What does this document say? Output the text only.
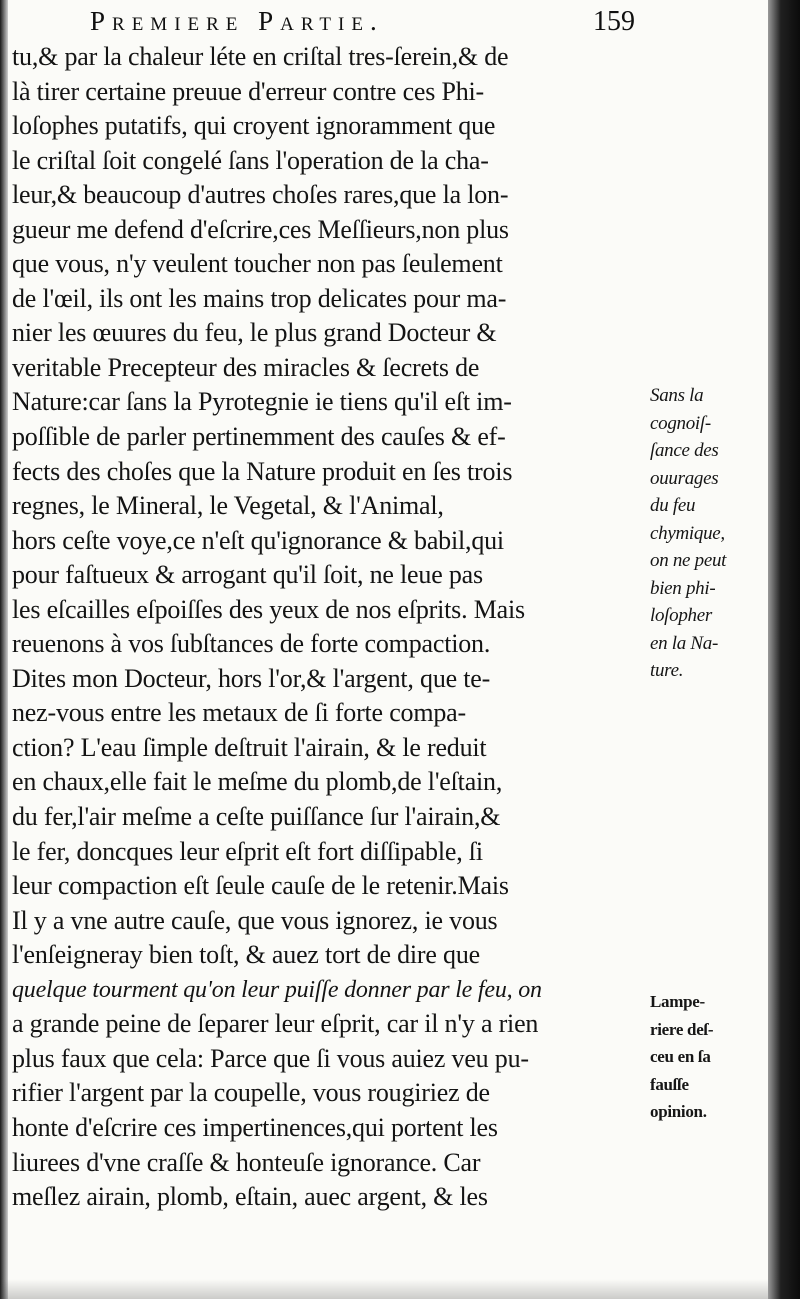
Premiere Partie.	159
tu,& par la chaleur léte en criſtal tres-ſerein,& de
là tirer certaine preuue d'erreur contre ces Phi-
loſophes putatifs, qui croyent ignoramment que
le criſtal ſoit congelé ſans l'operation de la cha-
leur,& beaucoup d'autres choſes rares,que la lon-
gueur me defend d'eſcrire,ces Meſſieurs,non plus
que vous, n'y veulent toucher non pas ſeulement
de l'œil, ils ont les mains trop delicates pour ma-
nier les œuures du feu, le plus grand Docteur &
veritable Precepteur des miracles & ſecrets de
Nature:car ſans la Pyrotegnie ie tiens qu'il eſt im-
poſſible de parler pertinemment des cauſes & ef-
fects des choſes que la Nature produit en ſes trois
regnes, le Mineral, le Vegetal, & l'Animal,
hors ceſte voye,ce n'eſt qu'ignorance & babil,qui
pour faſtueux & arrogant qu'il ſoit, ne leue pas
les eſcailles eſpoiſſes des yeux de nos eſprits. Mais
reuenons à vos ſubſtances de forte compaction.
Dites mon Docteur, hors l'or,& l'argent, que te-
nez-vous entre les metaux de ſi forte compa-
ction? L'eau ſimple deſtruit l'airain, & le reduit
en chaux,elle fait le meſme du plomb,de l'eſtain,
du fer,l'air meſme a ceſte puiſſance ſur l'airain,&
le fer, doncques leur eſprit eſt fort diſſipable, ſi
leur compaction eſt ſeule cauſe de le retenir.Mais
Il y a vne autre cauſe, que vous ignorez, ie vous
l'enſeigneray bien toſt, & auez tort de dire que
quelque tourment qu'on leur puiſſe donner par le feu, on
a grande peine de ſeparer leur eſprit, car il n'y a rien
plus faux que cela: Parce que ſi vous auiez veu pu-
rifier l'argent par la coupelle, vous rougiriez de
honte d'eſcrire ces impertinences,qui portent les
liurees d'vne craſſe & honteuſe ignorance. Car
meſlez airain, plomb, eſtain, auec argent, & les
Sans la
cognoiſ-
ſance des
ouurages
du feu
chymique,
on ne peut
bien phi-
loſopher
en la Na-
ture.
Lampe-
riere deſ-
ceu en ſa
fauſſe
opinion.
